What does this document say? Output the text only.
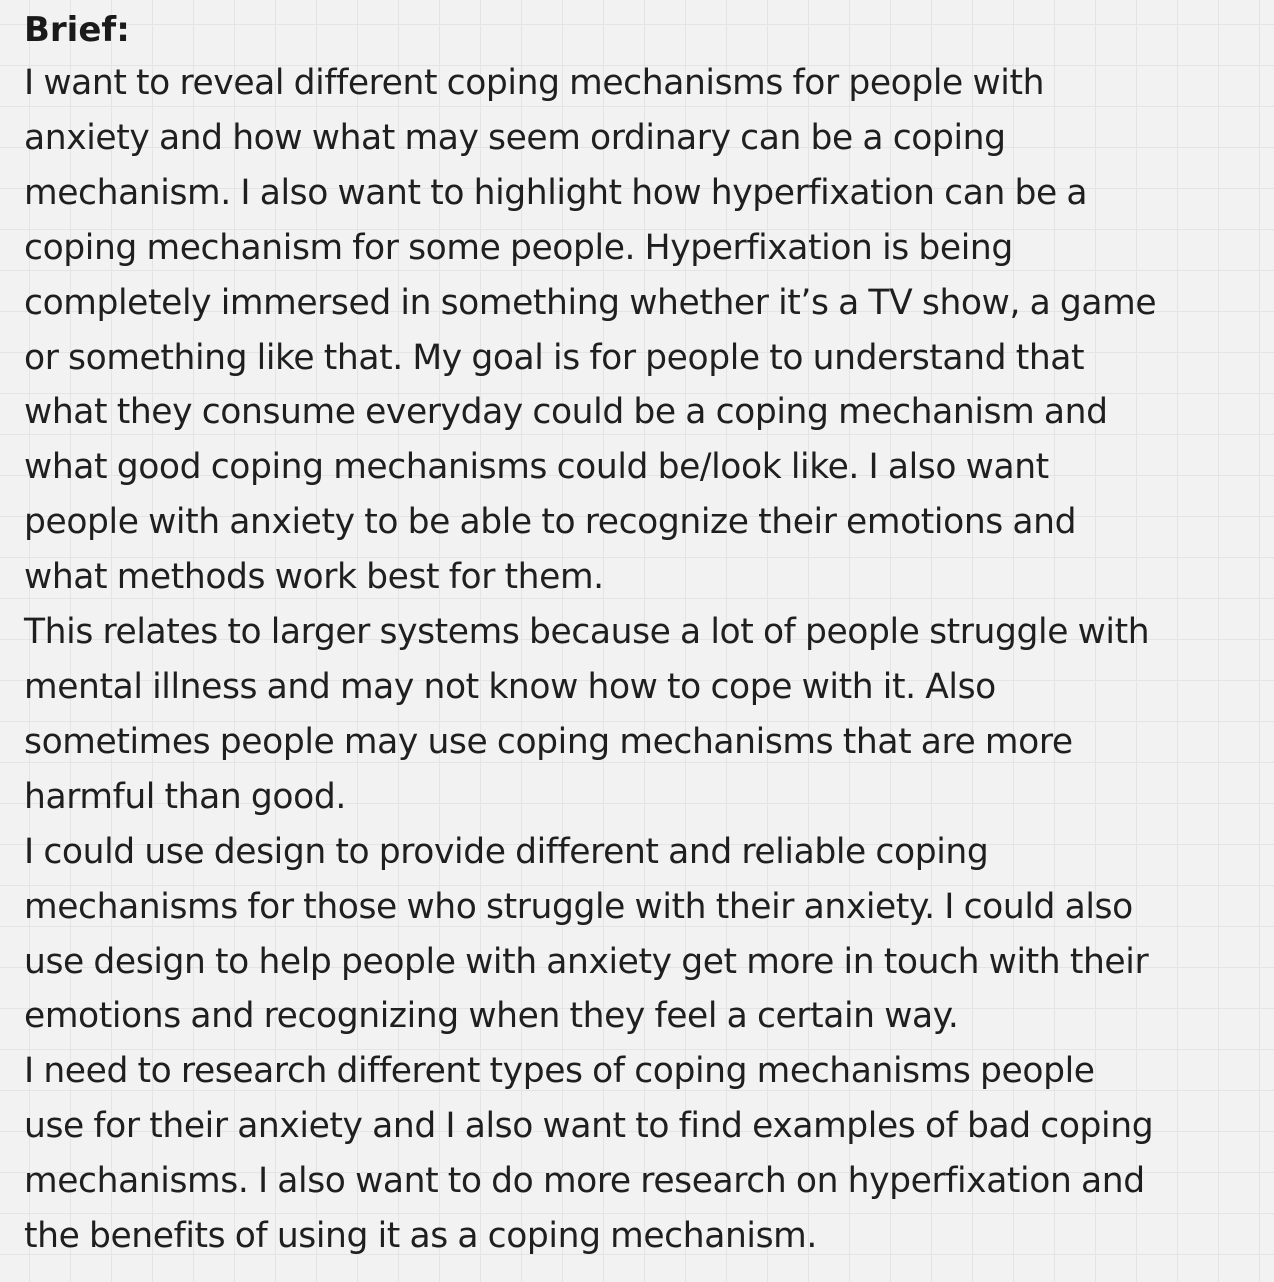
Brief:

I want to reveal different coping mechanisms for people with
anxiety and how what may seem ordinary can be a coping
mechanism. I also want to highlight how hyperfixation can be a
coping mechanism for some people. Hyperfixation is being
completely immersed in something whether it’s a TV show, a game
or something like that. My goal is for people to understand that
what they consume everyday could be a coping mechanism and
what good coping mechanisms could be/look like. I also want
people with anxiety to be able to recognize their emotions and
what methods work best for them.

This relates to larger systems because a lot of people struggle with
mental illness and may not know how to cope with it. Also
sometimes people may use coping mechanisms that are more
harmful than good.

I could use design to provide different and reliable coping
mechanisms for those who struggle with their anxiety. I could also
use design to help people with anxiety get more in touch with their
emotions and recognizing when they feel a certain way.

I need to research different types of coping mechanisms people
use for their anxiety and I also want to find examples of bad coping
mechanisms. I also want to do more research on hyperfixation and
the benefits of using it as a coping mechanism.
